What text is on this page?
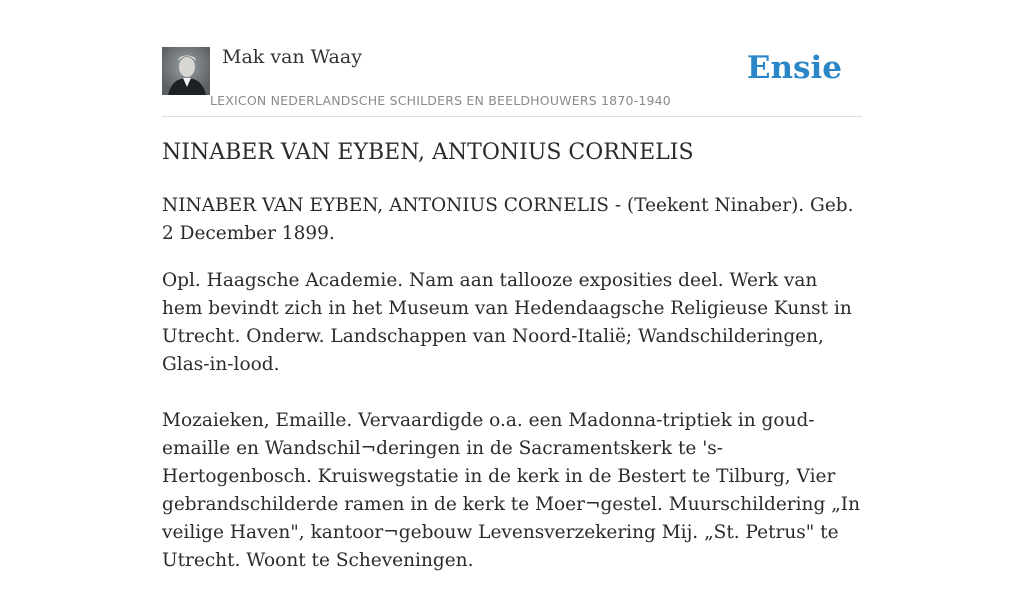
Mak van Waay
LEXICON NEDERLANDSCHE SCHILDERS EN BEELDHOUWERS 1870-1940
Ensie
NINABER VAN EYBEN, ANTONIUS CORNELIS

NINABER VAN EYBEN, ANTONIUS CORNELIS - (Teekent Ninaber). Geb. 2 December 1899.

Opl. Haagsche Academie. Nam aan tallooze exposities deel. Werk van hem bevindt zich in het Museum van Hedendaagsche Religieuse Kunst in Utrecht. Onderw. Landschappen van Noord-Italië; Wandschilderingen, Glas-in-lood.

Mozaieken, Emaille. Vervaardigde o.a. een Madonna-triptiek in goud-emaille en Wandschil¬deringen in de Sacramentskerk te 's-Hertogenbosch. Kruiswegstatie in de kerk in de Bestert te Tilburg, Vier gebrandschilderde ramen in de kerk te Moer¬gestel. Muurschildering „In veilige Haven", kantoor¬gebouw Levensverzekering Mij. „St. Petrus" te Utrecht. Woont te Scheveningen.
